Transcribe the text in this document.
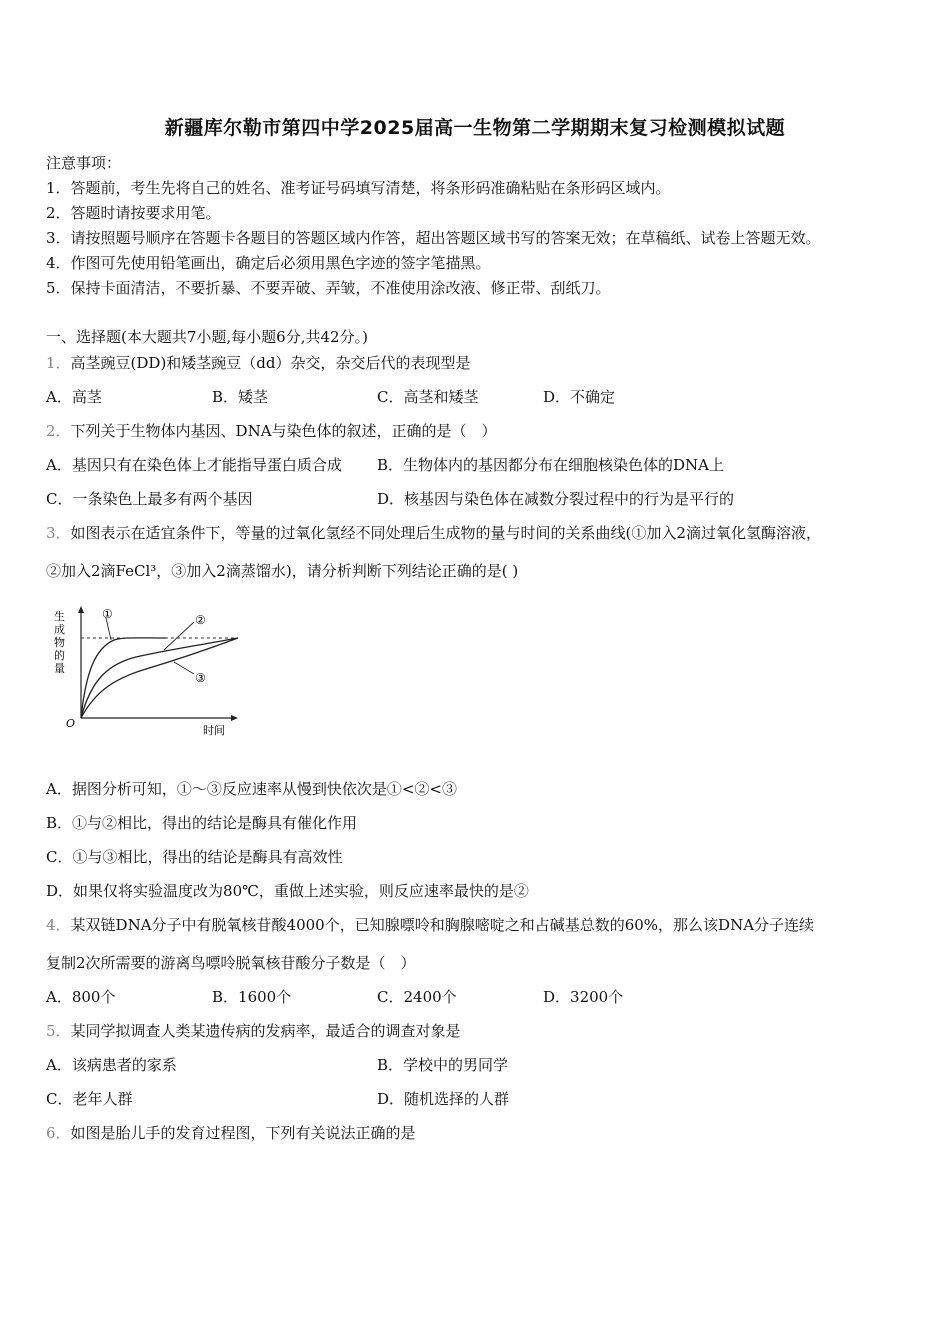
新疆库尔勒市第四中学2025届高一生物第二学期期末复习检测模拟试题
注意事项：
1．答题前，考生先将自己的姓名、准考证号码填写清楚，将条形码准确粘贴在条形码区域内。
2．答题时请按要求用笔。
3．请按照题号顺序在答题卡各题目的答题区域内作答，超出答题区域书写的答案无效；在草稿纸、试卷上答题无效。
4．作图可先使用铅笔画出，确定后必须用黑色字迹的签字笔描黑。
5．保持卡面清洁，不要折暴、不要弄破、弄皱，不准使用涂改液、修正带、刮纸刀。
一、选择题(本大题共7小题,每小题6分,共42分。)
1．高茎豌豆(DD)和矮茎豌豆（dd）杂交，杂交后代的表现型是
A．高茎	B．矮茎	C．高茎和矮茎	D．不确定
2．下列关于生物体内基因、DNA与染色体的叙述，正确的是（　）
A．基因只有在染色体上才能指导蛋白质合成 B．生物体内的基因都分布在细胞核染色体的DNA上
C．一条染色上最多有两个基因	D．核基因与染色体在减数分裂过程中的行为是平行的
3．如图表示在适宜条件下，等量的过氧化氢经不同处理后生成物的量与时间的关系曲线(①加入2滴过氧化氢酶溶液，
②加入2滴FeCl³，③加入2滴蒸馏水)，请分析判断下列结论正确的是( )
生
成
物
的
量
O
时间
①	②
③
A．据图分析可知，①～③反应速率从慢到快依次是①<②<③
B．①与②相比，得出的结论是酶具有催化作用
C．①与③相比，得出的结论是酶具有高效性
D．如果仅将实验温度改为80℃，重做上述实验，则反应速率最快的是②
4．某双链DNA分子中有脱氧核苷酸4000个，已知腺嘌呤和胸腺嘧啶之和占碱基总数的60%，那么该DNA分子连续
复制2次所需要的游离鸟嘌呤脱氧核苷酸分子数是（　）
A．800个	B．1600个	C．2400个	D．3200个
5．某同学拟调查人类某遗传病的发病率，最适合的调查对象是
A．该病患者的家系	B．学校中的男同学
C．老年人群	D．随机选择的人群
6．如图是胎儿手的发育过程图，下列有关说法正确的是
